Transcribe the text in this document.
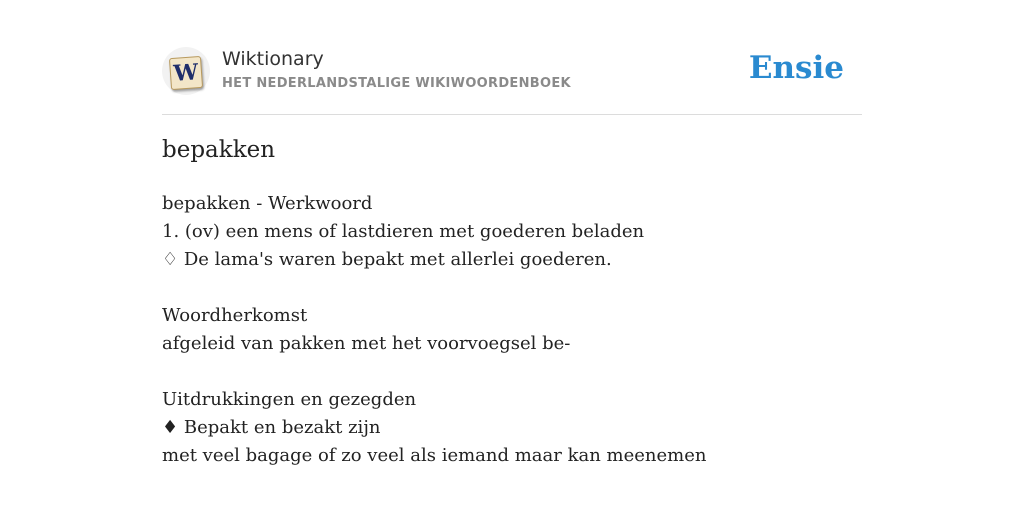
W
Wiktionary
HET NEDERLANDSTALIGE WIKIWOORDENBOEK	Ensie
bepakken
bepakken - Werkwoord
1. (ov) een mens of lastdieren met goederen beladen
♢ De lama's waren bepakt met allerlei goederen.
Woordherkomst
afgeleid van pakken met het voorvoegsel be-
Uitdrukkingen en gezegden
♦ Bepakt en bezakt zijn
met veel bagage of zo veel als iemand maar kan meenemen
